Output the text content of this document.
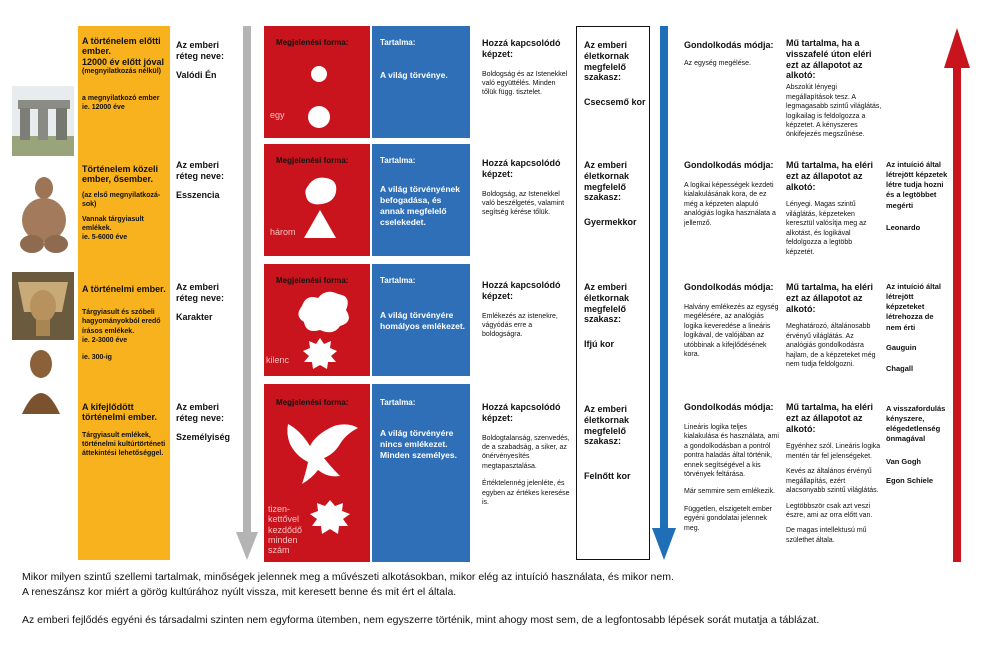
A történelem előtti ember.
12000 év előtt jóval
(megnyilatkozás nélkül)
a megnyilatkozó ember
ie. 12000 éve
Történelem közeli ember, ősember.
(az első megnyilatkozá-sok)
Vannak tárgyiasult emlékek.
ie. 5-6000 éve
A történelmi ember.
Tárgyiasult és szóbeli hagyományokból eredő írásos emlékek.
ie. 2-3000 éve
ie. 300-ig
A kifejlődött történelmi ember.
Tárgyiasult emlékek, történelmi kultúrtörténeti áttekintési lehetőséggel.
Az emberi réteg neve:
Valódi Én
Az emberi réteg neve:
Esszencia
Az emberi réteg neve:
Karakter
Az emberi réteg neve:
Személyiség
Megjelenési forma:
Megjelenési forma:
Megjelenési forma:
Megjelenési forma:
egy
három
kilenc
tizen-kettővel kezdődő minden szám
Tartalma:
A világ törvénye.
Tartalma:
A világ törvényének befogadása, és annak megfelelő cselekedet.
Tartalma:
A világ törvényére homályos emlékezet.
Tartalma:
A világ törvényére nincs emlékezet. Minden személyes.
Hozzá kapcsolódó képzet:
Boldogság és az Istenekkel való együttélés. Minden tőlük függ. tisztelet.
Hozzá kapcsolódó képzet:
Boldogság, az Istenekkel való beszélgetés, valamint segítség kérése tőlük.
Hozzá kapcsolódó képzet:
Emlékezés az istenekre, vágyódás erre a boldogságra.
Hozzá kapcsolódó képzet:
Boldogtalanság, szenvedés, de a szabadság, a siker, az önérvényesítés megtapasztalása.
Értéktelennég jelenléte, és egyben az értékes keresése is.
Az emberi életkornak megfelelő szakasz:
Csecsemő kor
Az emberi életkornak megfelelő szakasz:
Gyermekkor
Az emberi életkornak megfelelő szakasz:
Ifjú kor
Az emberi életkornak megfelelő szakasz:
Felnőtt kor
Gondolkodás módja:
Az egység megélése.
Gondolkodás módja:
A logikai képességek kezdeti kialakulásának kora, de ez még a képzeten alapuló analógiás logika használata a jellemző.
Gondolkodás módja:
Halvány emlékezés az egység megélésére, az analógiás logika keveredése a lineáris logikával, de valójában az utóbbinak a kifejlődésének kora.
Gondolkodás módja:
Lineáris logika teljes kialakulása és használata, ami a gondolkodásban a pontról pontra haladás által történik, ennek segítségével a kis törvények feltárása.
Már semmire sem emlékezik.
Független, elszigetelt ember egyéni gondolatai jelennek meg.
Mű tartalma, ha a visszafelé úton eléri ezt az állapotot az alkotó:
Abszolút lényegi megállapítások tesz. A legmagasabb szintű világlátás, logikailag is feldolgozza a képzetet. A kényszeres önkifejezés megszűnése.
Mű tartalma, ha eléri ezt az állapotot az alkotó:
Lényegi. Magas szintű világlátás, képzeteken keresztül valósítja meg az alkotást, és logikával feldolgozza a legtöbb képzetét.
Mű tartalma, ha eléri ezt az állapotot az alkotó:
Meghatározó, általánosabb érvényű világlátás. Az analógiás gondolkodásra hajlam, de a képzeteket még nem tudja feldolgozni.
Mű tartalma, ha eléri ezt az állapotot az alkotó:
Egyénhez szól. Lineáris logika mentén tár fel jelenségeket.
Kevés az általános érvényű megállapítás, ezért alacsonyabb szintű világlátás.
Legtöbbször csak azt veszi észre, ami az orra előtt van.
De magas intellektusú mű születhet általa.
Az intuíció által létrejött képzetek létre tudja hozni és a legtöbbet megérti
Leonardo
Az intuíció által létrejött képzeteket létrehozza de nem érti
Gauguin
Chagall
A visszafordulás kényszere, elégedetlenség önmagával
Van Gogh
Egon Schiele
Mikor milyen szintű szellemi tartalmak, minőségek jelennek meg a művészeti alkotásokban, mikor elég az intuíció használata, és mikor nem.
A reneszánsz kor miért a görög kultúrához nyúlt vissza, mit keresett benne és mit ért el általa.
Az emberi fejlődés egyéni és társadalmi szinten nem egyforma ütemben, nem egyszerre történik, mint ahogy most sem, de a legfontosabb lépések sorát mutatja a táblázat.
